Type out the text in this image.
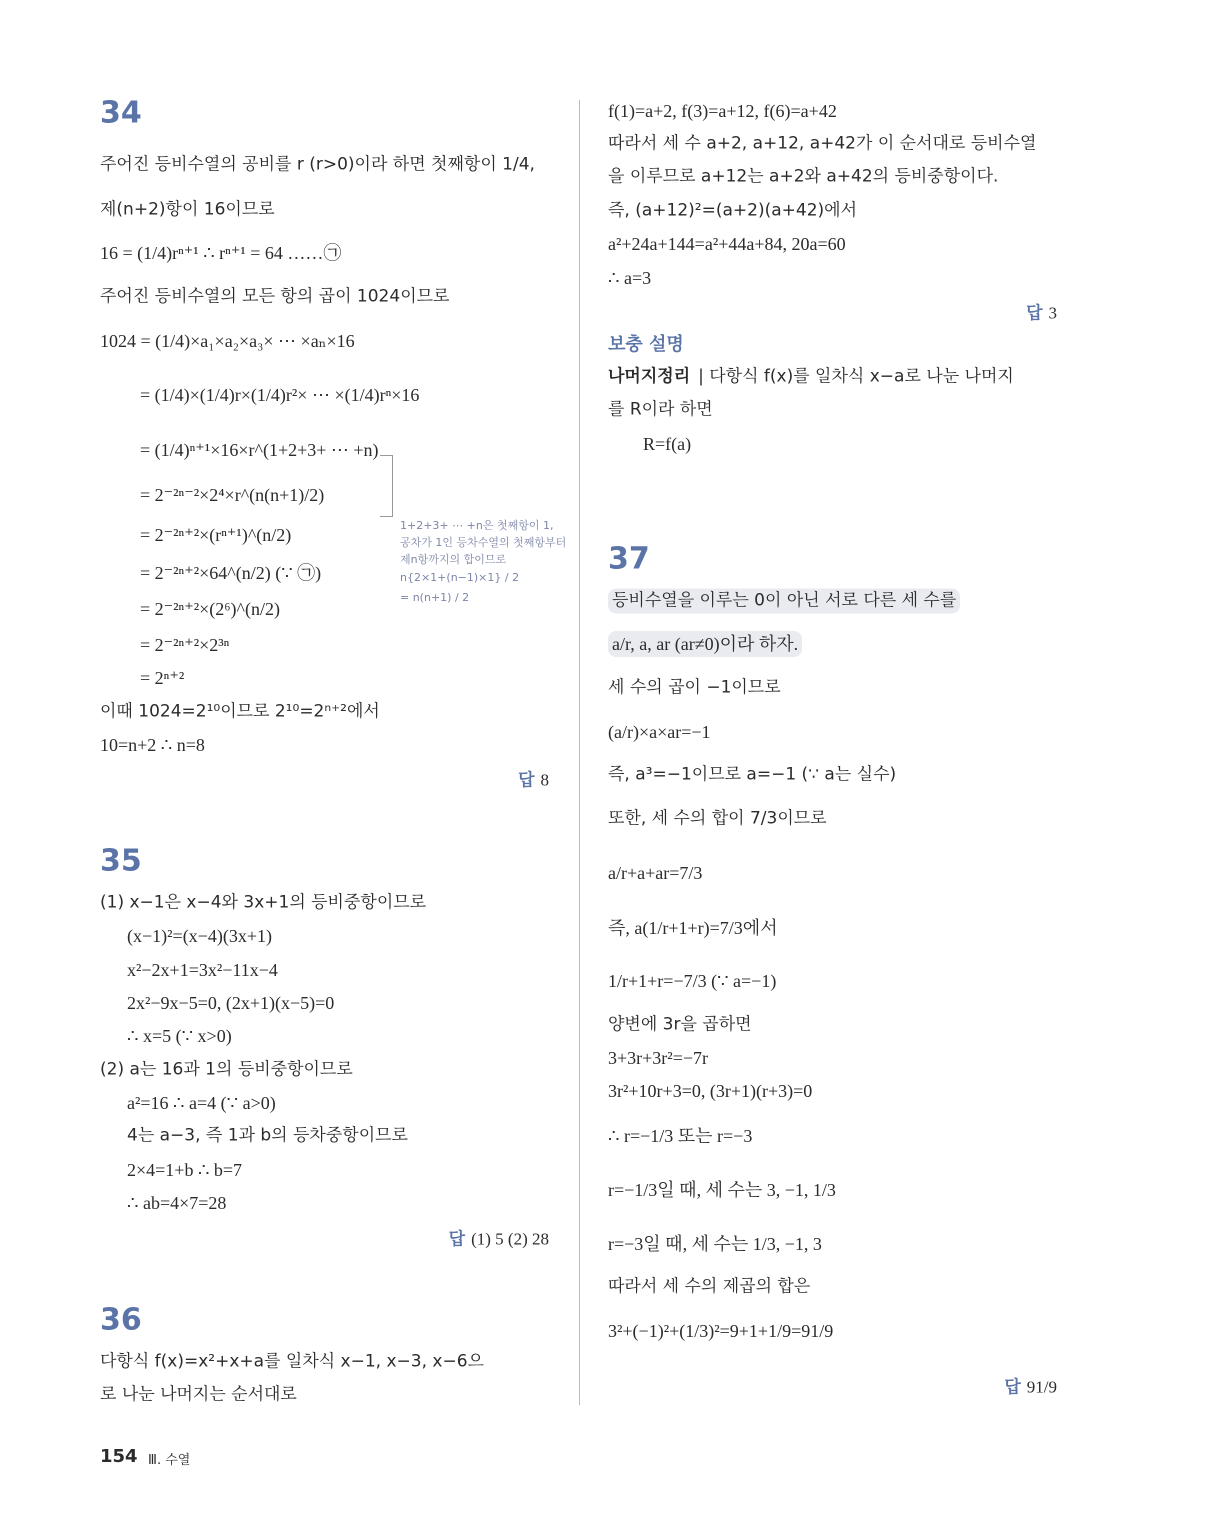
154 Ⅲ. 수열
34
주어진 등비수열의 공비를 r (r>0)이라 하면 첫째항이 1/4,
제(n+2)항이 16이므로
16 = (1/4)rⁿ⁺¹ ∴ rⁿ⁺¹ = 64 ……㉠
주어진 등비수열의 모든 항의 곱이 1024이므로
1024 = (1/4)×a₁×a₂×a₃× ⋯ ×aₙ×16
= (1/4)×(1/4)r×(1/4)r²× ⋯ ×(1/4)rⁿ×16
= (1/4)ⁿ⁺¹×16×r^(1+2+3+ ⋯ +n)
= 2⁻²ⁿ⁻²×2⁴×r^(n(n+1)/2)
= 2⁻²ⁿ⁺²×(rⁿ⁺¹)^(n/2)
= 2⁻²ⁿ⁺²×64^(n/2) (∵ ㉠)
= 2⁻²ⁿ⁺²×(2⁶)^(n/2)
= 2⁻²ⁿ⁺²×2³ⁿ
= 2ⁿ⁺²
이때 1024=2¹⁰이므로 2¹⁰=2ⁿ⁺²에서
10=n+2 ∴ n=8
1+2+3+ ⋯ +n은 첫째항이 1,
공차가 1인 등차수열의 첫째항부터
제n항까지의 합이므로
n{2×1+(n−1)×1} / 2
= n(n+1) / 2
답 8
35
(1) x−1은 x−4와 3x+1의 등비중항이므로
(x−1)²=(x−4)(3x+1)
x²−2x+1=3x²−11x−4
2x²−9x−5=0, (2x+1)(x−5)=0
∴ x=5 (∵ x>0)
(2) a는 16과 1의 등비중항이므로
a²=16 ∴ a=4 (∵ a>0)
4는 a−3, 즉 1과 b의 등차중항이므로
2×4=1+b ∴ b=7
∴ ab=4×7=28
답 (1) 5 (2) 28
36
다항식 f(x)=x²+x+a를 일차식 x−1, x−3, x−6으
로 나눈 나머지는 순서대로
f(1)=a+2, f(3)=a+12, f(6)=a+42
따라서 세 수 a+2, a+12, a+42가 이 순서대로 등비수열
을 이루므로 a+12는 a+2와 a+42의 등비중항이다.
즉, (a+12)²=(a+2)(a+42)에서
a²+24a+144=a²+44a+84, 20a=60
∴ a=3
답 3
보충 설명
나머지정리 | 다항식 f(x)를 일차식 x−a로 나눈 나머지
를 R이라 하면
R=f(a)
37
등비수열을 이루는 0이 아닌 서로 다른 세 수를
a/r, a, ar (ar≠0)이라 하자.
세 수의 곱이 −1이므로
(a/r)×a×ar=−1
즉, a³=−1이므로 a=−1 (∵ a는 실수)
또한, 세 수의 합이 7/3이므로
a/r+a+ar=7/3
즉, a(1/r+1+r)=7/3에서
1/r+1+r=−7/3 (∵ a=−1)
양변에 3r을 곱하면
3+3r+3r²=−7r
3r²+10r+3=0, (3r+1)(r+3)=0
∴ r=−1/3 또는 r=−3
r=−1/3일 때, 세 수는 3, −1, 1/3
r=−3일 때, 세 수는 1/3, −1, 3
따라서 세 수의 제곱의 합은
3²+(−1)²+(1/3)²=9+1+1/9=91/9
답 91/9
